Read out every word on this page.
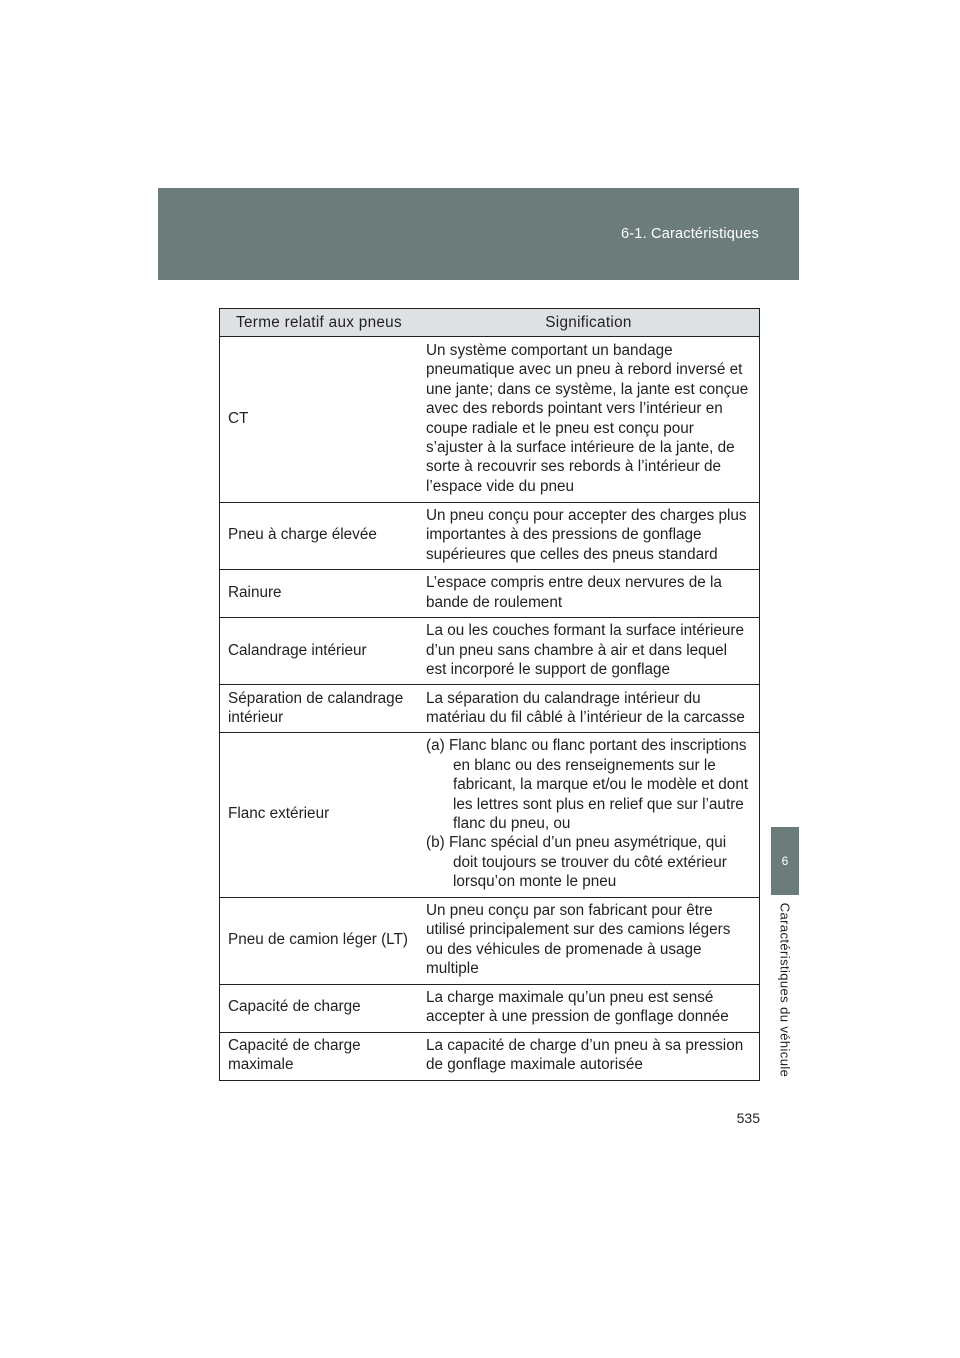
6-1. Caractéristiques
6
Caractéristiques du véhicule
Terme relatif aux pneus	Signification
CT	Un système comportant un bandage pneumatique avec un pneu à rebord inversé et une jante; dans ce système, la jante est conçue avec des rebords pointant vers l’intérieur en coupe radiale et le pneu est conçu pour s’ajuster à la surface intérieure de la jante, de sorte à recouvrir ses rebords à l’intérieur de l’espace vide du pneu
Pneu à charge élevée	Un pneu conçu pour accepter des charges plus importantes à des pressions de gonflage supérieures que celles des pneus standard
Rainure	L’espace compris entre deux nervures de la bande de roulement
Calandrage intérieur	La ou les couches formant la surface intérieure d’un pneu sans chambre à air et dans lequel est incorporé le support de gonflage
Séparation de calandrage intérieur	La séparation du calandrage intérieur du matériau du fil câblé à l’intérieur de la carcasse
Flanc extérieur	(a) Flanc blanc ou flanc portant des inscriptions en blanc ou des renseignements sur le fabricant, la marque et/ou le modèle et dont les lettres sont plus en relief que sur l’autre flanc du pneu, ou
(b) Flanc spécial d’un pneu asymétrique, qui doit toujours se trouver du côté extérieur lorsqu’on monte le pneu

Pneu de camion léger (LT)	Un pneu conçu par son fabricant pour être utilisé principalement sur des camions légers ou des véhicules de promenade à usage multiple
Capacité de charge	La charge maximale qu’un pneu est sensé accepter à une pression de gonflage donnée
Capacité de charge maximale	La capacité de charge d’un pneu à sa pression de gonflage maximale autorisée
535
